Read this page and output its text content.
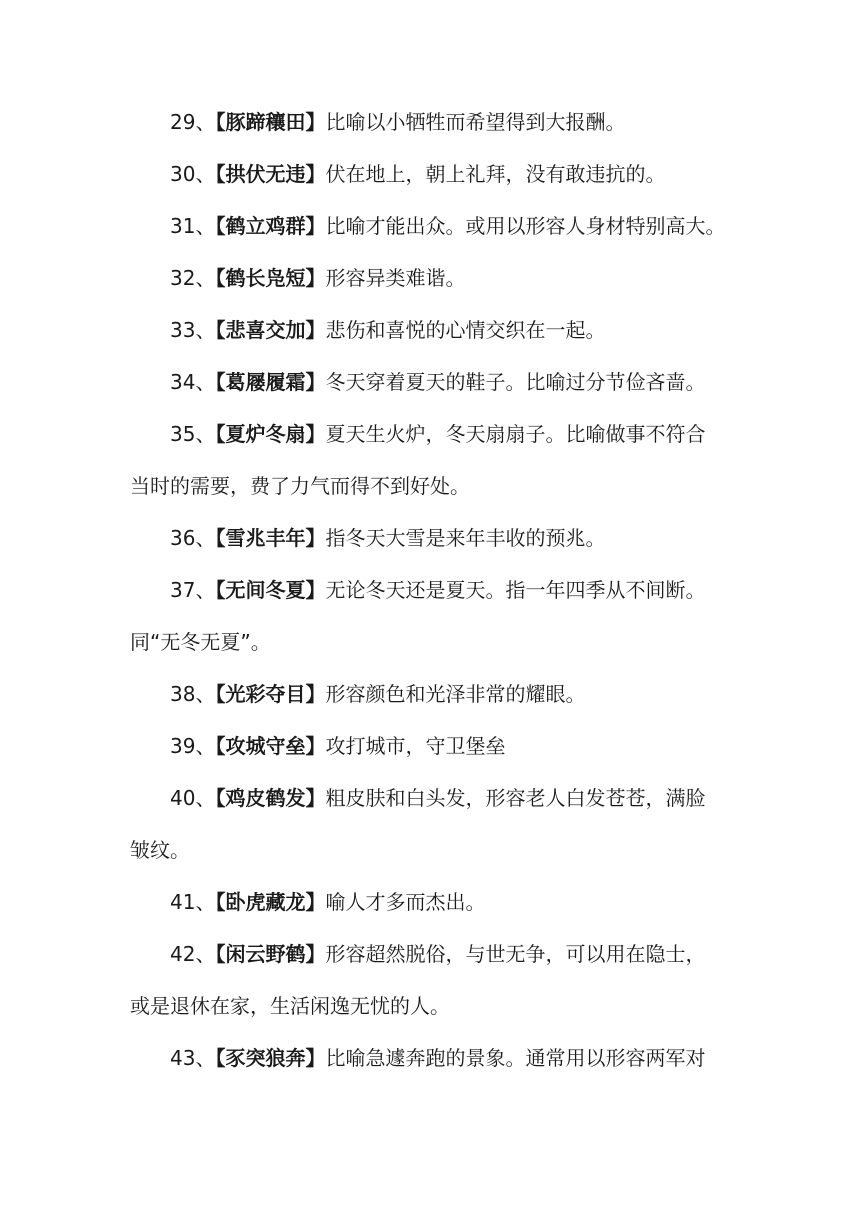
29、【豚蹄穰田】比喻以小牺牲而希望得到大报酬。
30、【拱伏无违】伏在地上，朝上礼拜，没有敢违抗的。
31、【鹤立鸡群】比喻才能出众。或用以形容人身材特别高大。
32、【鹤长凫短】形容异类难谐。
33、【悲喜交加】悲伤和喜悦的心情交织在一起。
34、【葛屦履霜】冬天穿着夏天的鞋子。比喻过分节俭吝啬。
35、【夏炉冬扇】夏天生火炉，冬天扇扇子。比喻做事不符合
当时的需要，费了力气而得不到好处。
36、【雪兆丰年】指冬天大雪是来年丰收的预兆。
37、【无间冬夏】无论冬天还是夏天。指一年四季从不间断。
同“无冬无夏”。
38、【光彩夺目】形容颜色和光泽非常的耀眼。
39、【攻城守垒】攻打城市，守卫堡垒
40、【鸡皮鹤发】粗皮肤和白头发，形容老人白发苍苍，满脸
皱纹。
41、【卧虎藏龙】喻人才多而杰出。
42、【闲云野鹤】形容超然脱俗，与世无争，可以用在隐士，
或是退休在家，生活闲逸无忧的人。
43、【豕突狼奔】比喻急遽奔跑的景象。通常用以形容两军对
